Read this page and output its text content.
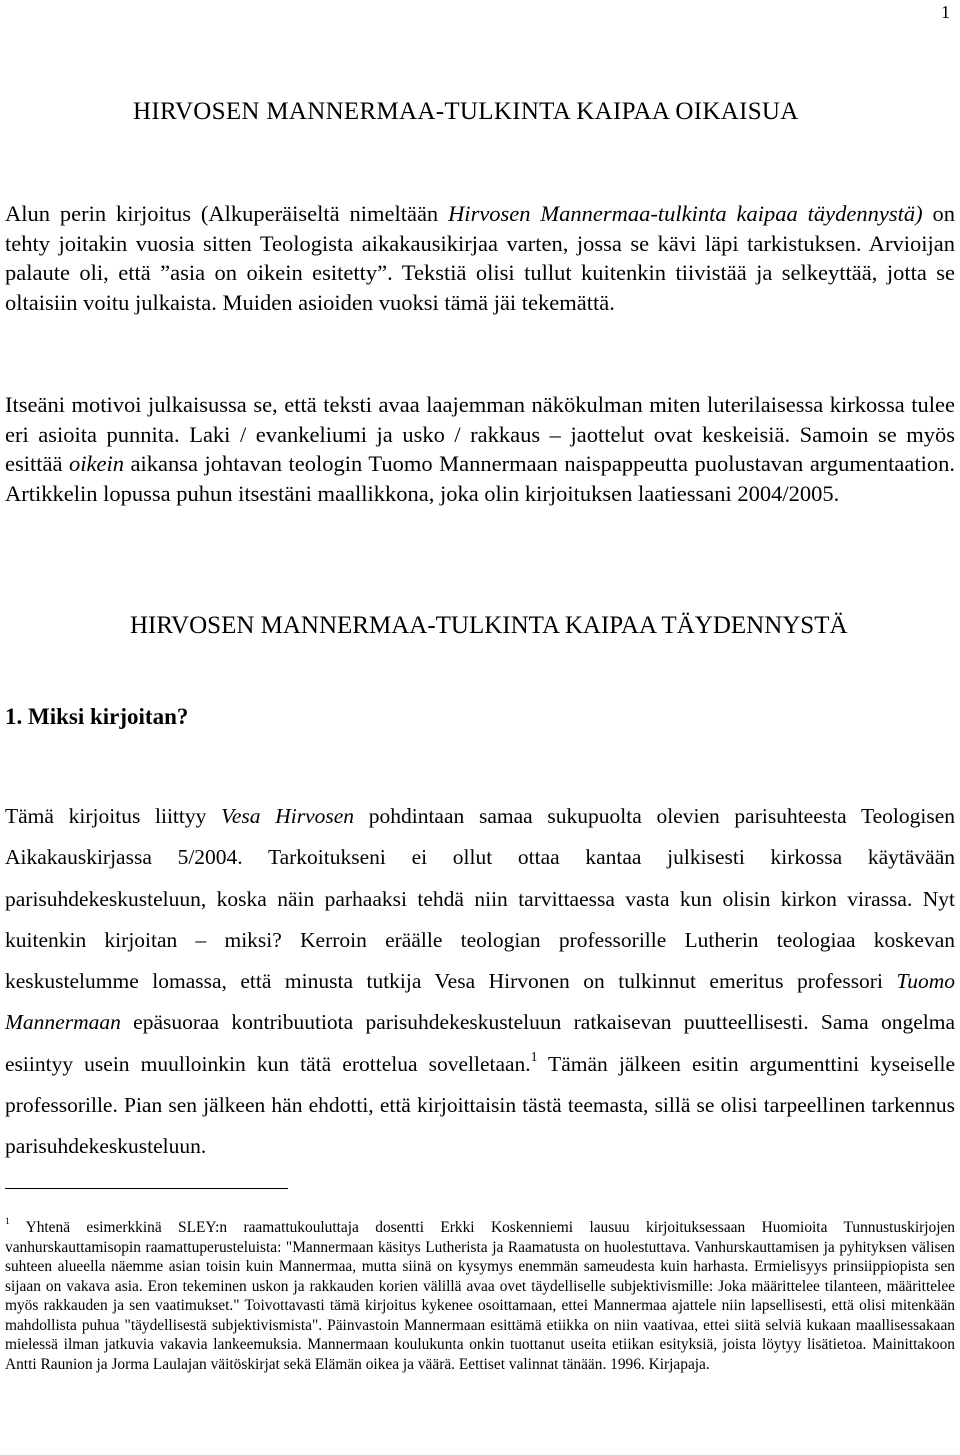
1
HIRVOSEN MANNERMAA-TULKINTA KAIPAA OIKAISUA

Alun perin kirjoitus (Alkuperäiseltä nimeltään Hirvosen Mannermaa-tulkinta kaipaa täydennystä) on tehty joitakin vuosia sitten Teologista aikakausikirjaa varten, jossa se kävi läpi tarkistuksen. Arvioijan palaute oli, että ”asia on oikein esitetty”. Tekstiä olisi tullut kuitenkin tiivistää ja selkeyttää, jotta se oltaisiin voitu julkaista. Muiden asioiden vuoksi tämä jäi tekemättä.

Itseäni motivoi julkaisussa se, että teksti avaa laajemman näkökulman miten luterilaisessa kirkossa tulee eri asioita punnita. Laki / evankeliumi ja usko / rakkaus – jaottelut ovat keskeisiä. Samoin se myös esittää oikein aikansa johtavan teologin Tuomo Mannermaan naispappeutta puolustavan argumentaation. Artikkelin lopussa puhun itsestäni maallikkona, joka olin kirjoituksen laatiessani 2004/2005.

HIRVOSEN MANNERMAA-TULKINTA KAIPAA TÄYDENNYSTÄ
1. Miksi kirjoitan?

Tämä kirjoitus liittyy Vesa Hirvosen pohdintaan samaa sukupuolta olevien parisuhteesta Teologisen Aikakauskirjassa 5/2004. Tarkoitukseni ei ollut ottaa kantaa julkisesti kirkossa käytävään parisuhdekeskusteluun, koska näin parhaaksi tehdä niin tarvittaessa vasta kun olisin kirkon virassa. Nyt kuitenkin kirjoitan – miksi? Kerroin eräälle teologian professorille Lutherin teologiaa koskevan keskustelumme lomassa, että minusta tutkija Vesa Hirvonen on tulkinnut emeritus professori Tuomo Mannermaan epäsuoraa kontribuutiota parisuhdekeskusteluun ratkaisevan puutteellisesti. Sama ongelma esiintyy usein muulloinkin kun tätä erottelua sovelletaan.$^1$ Tämän jälkeen esitin argumenttini kyseiselle professorille. Pian sen jälkeen hän ehdotti, että kirjoittaisin tästä teemasta, sillä se olisi tarpeellinen tarkennus parisuhdekeskusteluun.

$^1$ Yhtenä esimerkkinä SLEY:n raamattukouluttaja dosentti Erkki Koskenniemi lausuu kirjoituksessaan Huomioita Tunnustuskirjojen vanhurskauttamisopin raamattuperusteluista: "Mannermaan käsitys Lutherista ja Raamatusta on huolestuttava. Vanhurskauttamisen ja pyhityksen välisen suhteen alueella näemme asian toisin kuin Mannermaa, mutta siinä on kysymys enemmän sameudesta kuin harhasta. Ermielisyys prinsiippiopista sen sijaan on vakava asia. Eron tekeminen uskon ja rakkauden korien välillä avaa ovet täydelliselle subjektivismille: Joka määrittelee tilanteen, määrittelee myös rakkauden ja sen vaatimukset." Toivottavasti tämä kirjoitus kykenee osoittamaan, ettei Mannermaa ajattele niin lapsellisesti, että olisi mitenkään mahdollista puhua "täydellisestä subjektivismista". Päinvastoin Mannermaan esittämä etiikka on niin vaativaa, ettei siitä selviä kukaan maallisessakaan mielessä ilman jatkuvia vakavia lankeemuksia. Mannermaan koulukunta onkin tuottanut useita etiikan esityksiä, joista löytyy lisätietoa. Mainittakoon Antti Raunion ja Jorma Laulajan väitöskirjat sekä Elämän oikea ja väärä. Eettiset valinnat tänään. 1996. Kirjapaja.
